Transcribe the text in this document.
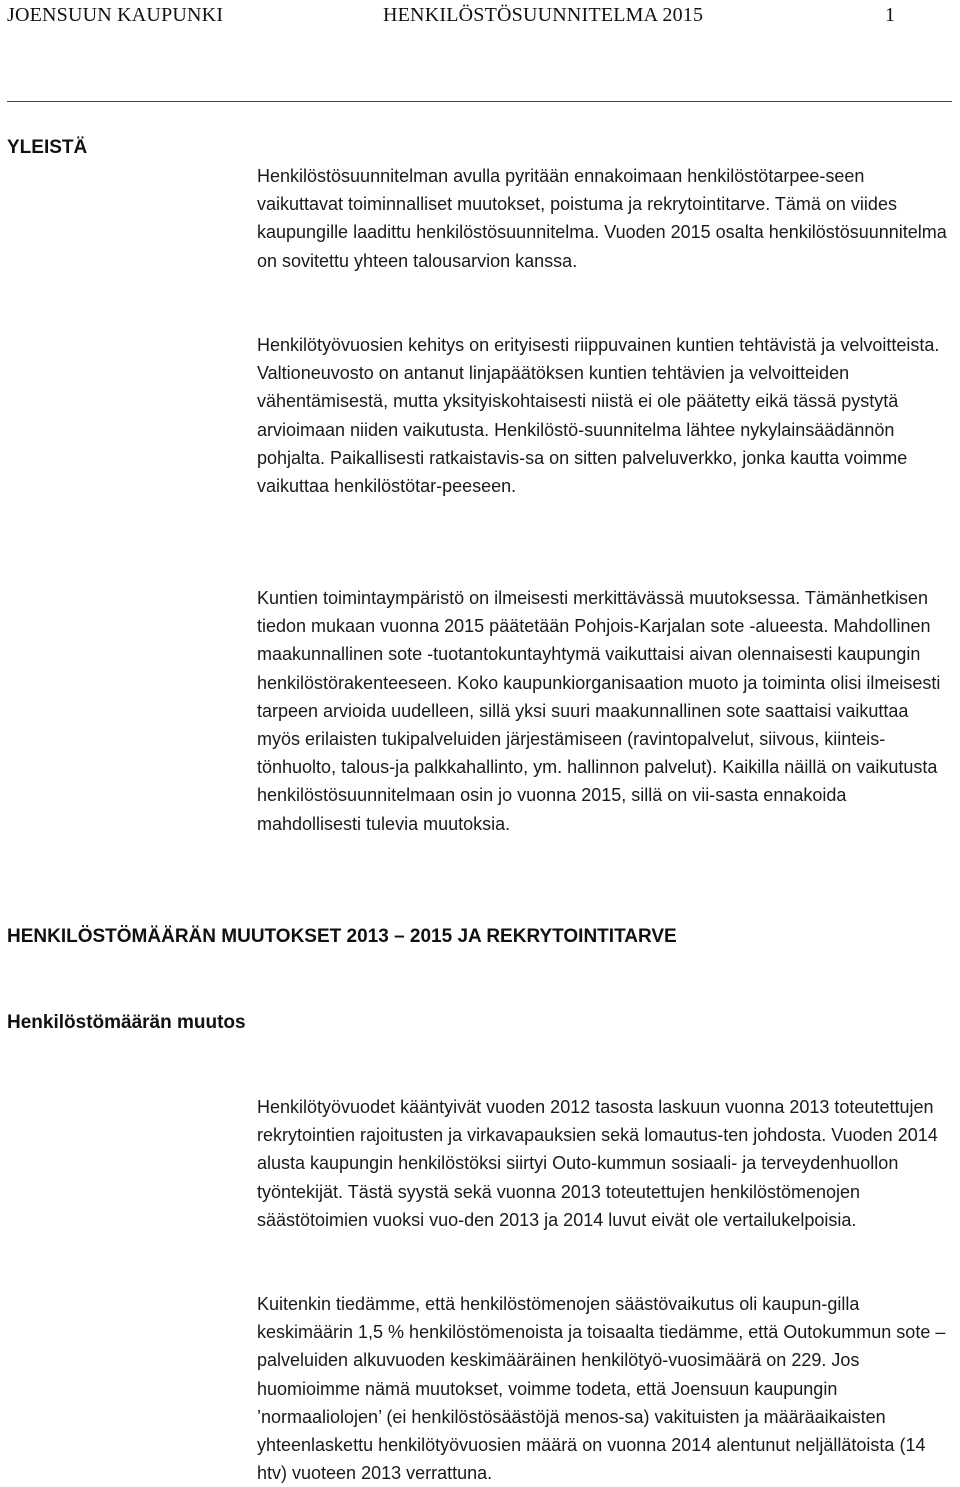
JOENSUUN KAUPUNKI	HENKILÖSTÖSUUNNITELMA 2015	1
YLEISTÄ

Henkilöstösuunnitelman avulla pyritään ennakoimaan henkilöstötarpee-seen vaikuttavat toiminnalliset muutokset, poistuma ja rekrytointitarve. Tämä on viides kaupungille laadittu henkilöstösuunnitelma. Vuoden 2015 osalta henkilöstösuunnitelma on sovitettu yhteen talousarvion kanssa.

Henkilötyövuosien kehitys on erityisesti riippuvainen kuntien tehtävistä ja velvoitteista. Valtioneuvosto on antanut linjapäätöksen kuntien tehtävien ja velvoitteiden vähentämisestä, mutta yksityiskohtaisesti niistä ei ole päätetty eikä tässä pystytä arvioimaan niiden vaikutusta. Henkilöstö-suunnitelma lähtee nykylainsäädännön pohjalta. Paikallisesti ratkaistavis-sa on sitten palveluverkko, jonka kautta voimme vaikuttaa henkilöstötar-peeseen.

Kuntien toimintaympäristö on ilmeisesti merkittävässä muutoksessa. Tämänhetkisen tiedon mukaan vuonna 2015 päätetään Pohjois-Karjalan sote -alueesta. Mahdollinen maakunnallinen sote -tuotantokuntayhtymä vaikuttaisi aivan olennaisesti kaupungin henkilöstörakenteeseen. Koko kaupunkiorganisaation muoto ja toiminta olisi ilmeisesti tarpeen arvioida uudelleen, sillä yksi suuri maakunnallinen sote saattaisi vaikuttaa myös erilaisten tukipalveluiden järjestämiseen (ravintopalvelut, siivous, kiinteis-tönhuolto, talous-ja palkkahallinto, ym. hallinnon palvelut). Kaikilla näillä on vaikutusta henkilöstösuunnitelmaan osin jo vuonna 2015, sillä on vii-sasta ennakoida mahdollisesti tulevia muutoksia.

HENKILÖSTÖMÄÄRÄN MUUTOKSET 2013 – 2015 JA REKRYTOINTITARVE
Henkilöstömäärän muutos

Henkilötyövuodet kääntyivät vuoden 2012 tasosta laskuun vuonna 2013 toteutettujen rekrytointien rajoitusten ja virkavapauksien sekä lomautus-ten johdosta. Vuoden 2014 alusta kaupungin henkilöstöksi siirtyi Outo-kummun sosiaali- ja terveydenhuollon työntekijät. Tästä syystä sekä vuonna 2013 toteutettujen henkilöstömenojen säästötoimien vuoksi vuo-den 2013 ja 2014 luvut eivät ole vertailukelpoisia.

Kuitenkin tiedämme, että henkilöstömenojen säästövaikutus oli kaupun-gilla keskimäärin 1,5 % henkilöstömenoista ja toisaalta tiedämme, että Outokummun sote –palveluiden alkuvuoden keskimääräinen henkilötyö-vuosimäärä on 229. Jos huomioimme nämä muutokset, voimme todeta, että Joensuun kaupungin ’normaaliolojen’ (ei henkilöstösäästöjä menos-sa) vakituisten ja määräaikaisten yhteenlaskettu henkilötyövuosien määrä on vuonna 2014 alentunut neljällätoista (14 htv) vuoteen 2013 verrattuna.
